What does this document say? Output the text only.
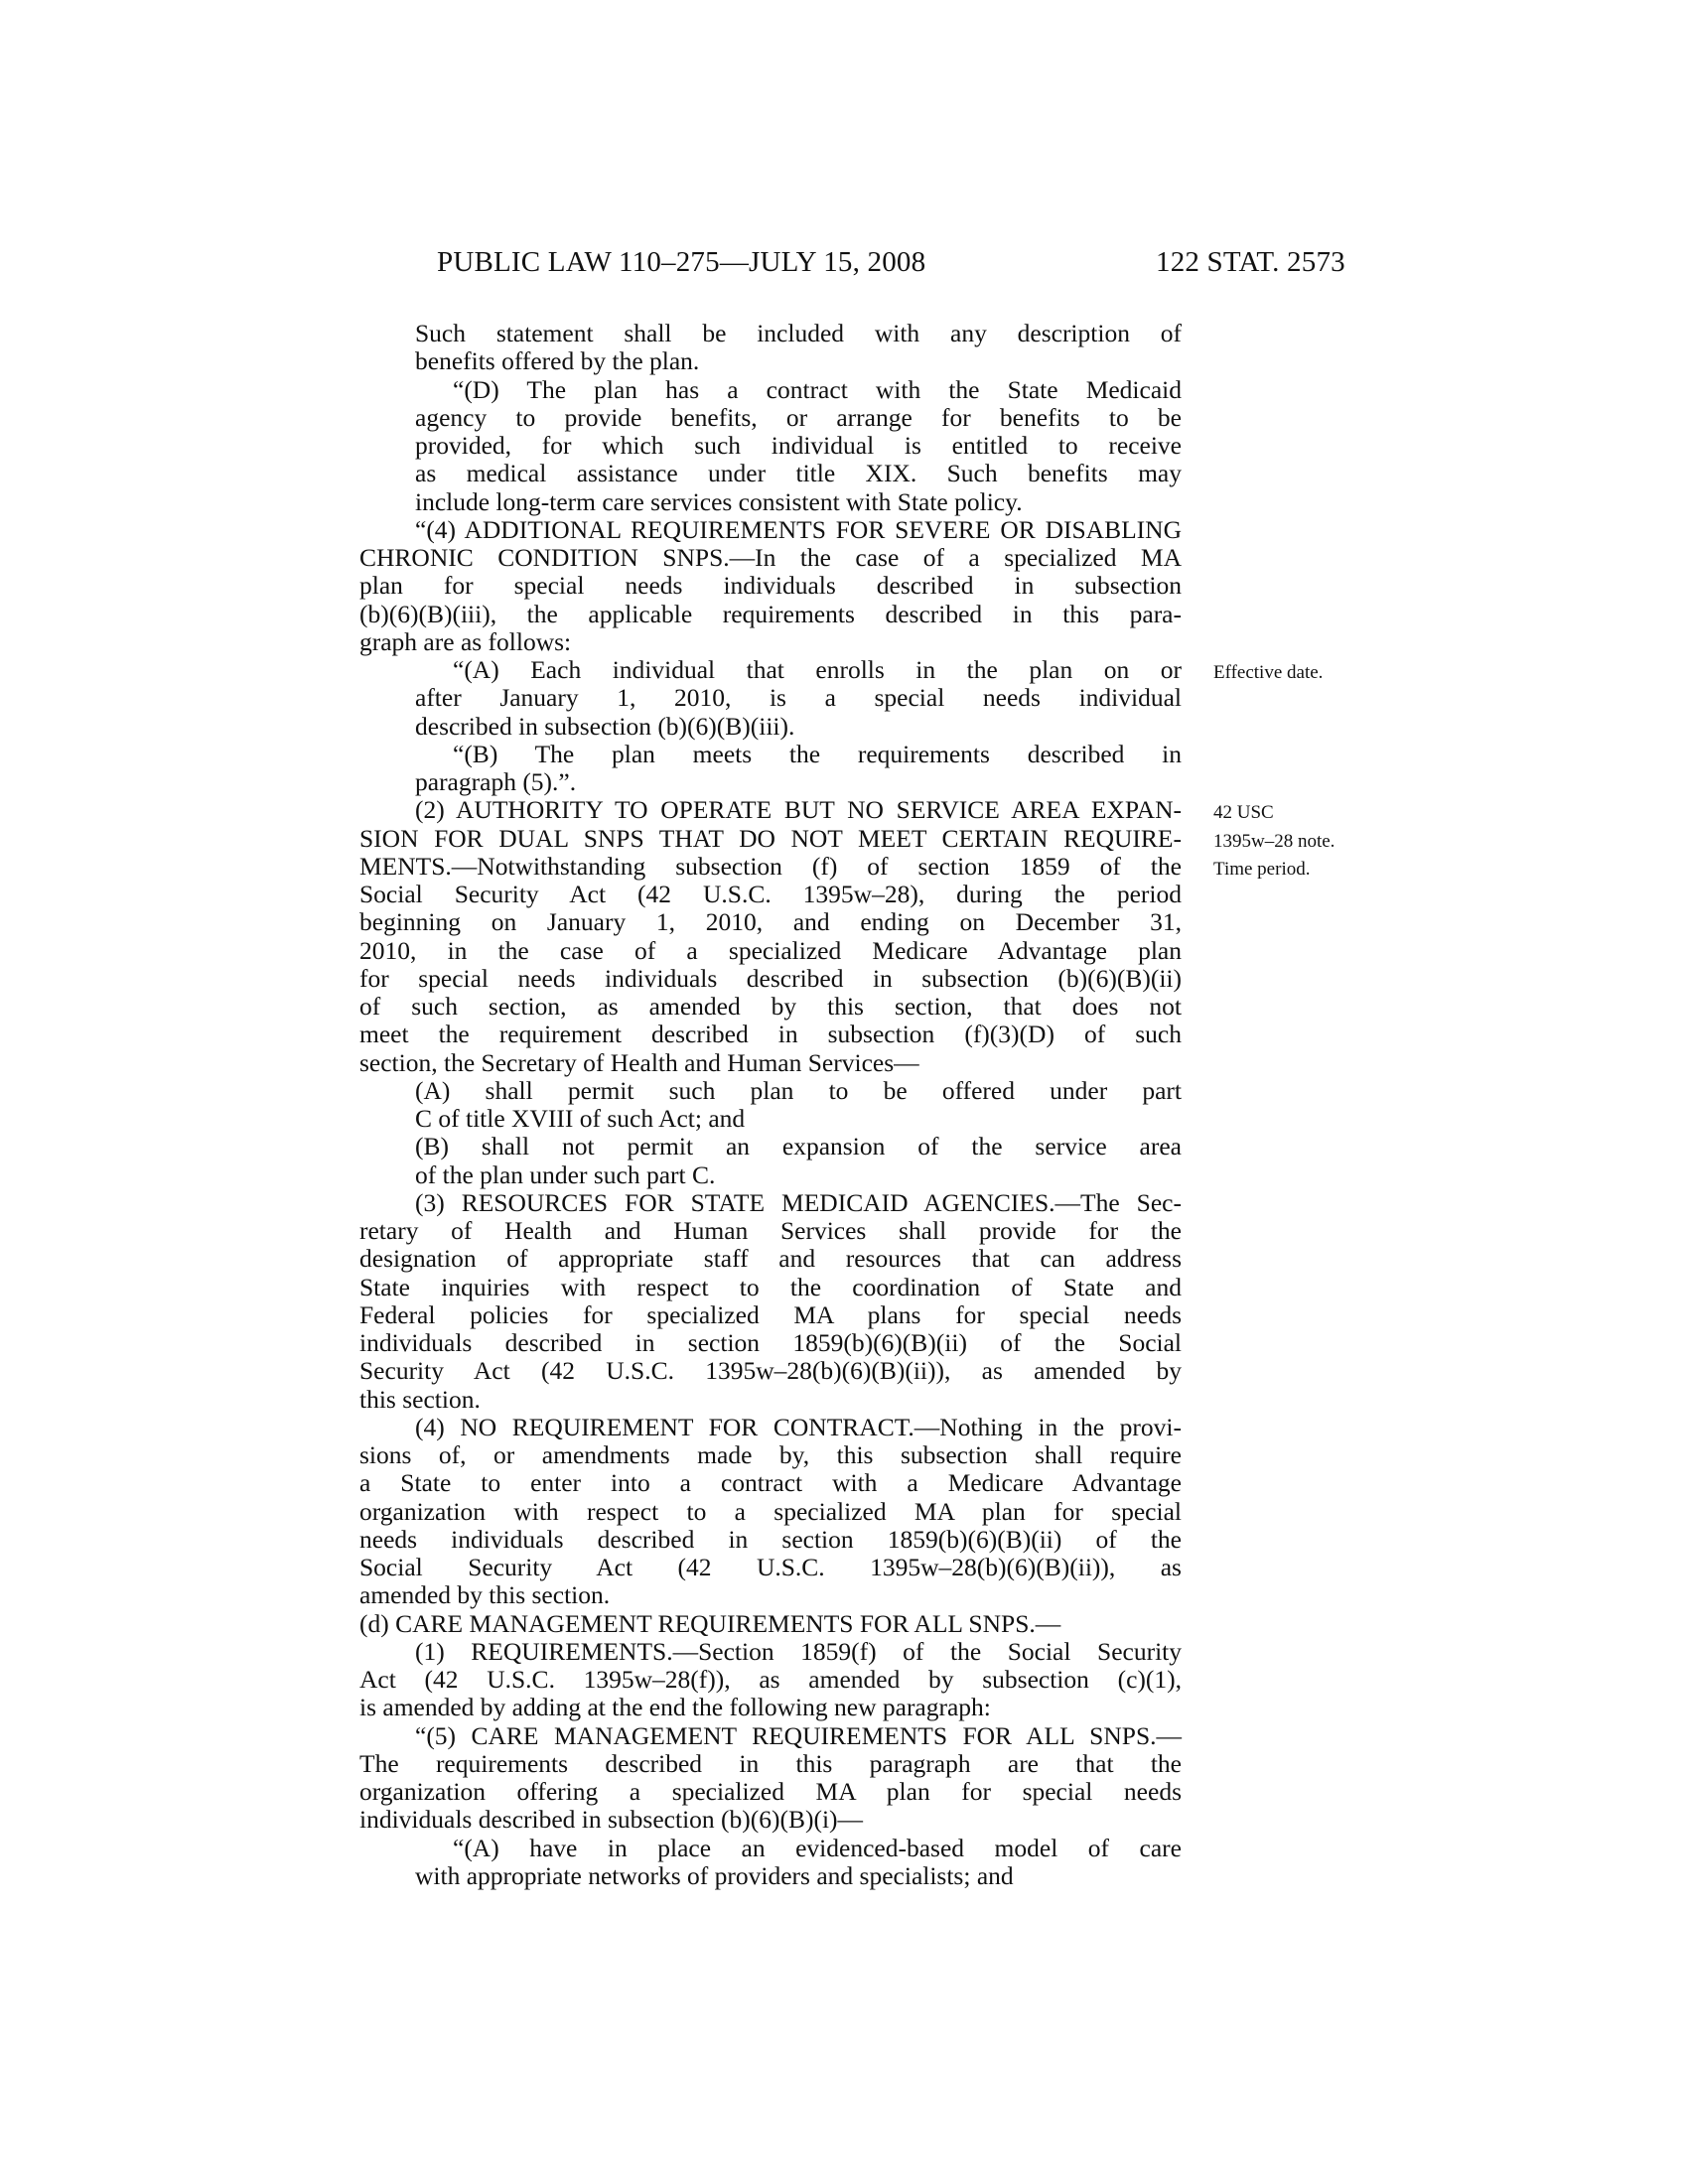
PUBLIC LAW 110–275—JULY 15, 2008	122 STAT. 2573
Such statement shall be included with any description of
benefits offered by the plan.
“(D) The plan has a contract with the State Medicaid
agency to provide benefits, or arrange for benefits to be
provided, for which such individual is entitled to receive
as medical assistance under title XIX. Such benefits may
include long-term care services consistent with State policy.
“(4) ADDITIONAL REQUIREMENTS FOR SEVERE OR DISABLING
CHRONIC CONDITION SNPS.—In the case of a specialized MA
plan for special needs individuals described in subsection
(b)(6)(B)(iii), the applicable requirements described in this para-
graph are as follows:
“(A) Each individual that enrolls in the plan on or
after January 1, 2010, is a special needs individual
described in subsection (b)(6)(B)(iii).
“(B) The plan meets the requirements described in
paragraph (5).”.
(2) AUTHORITY TO OPERATE BUT NO SERVICE AREA EXPAN-
SION FOR DUAL SNPS THAT DO NOT MEET CERTAIN REQUIRE-
MENTS.—Notwithstanding subsection (f) of section 1859 of the
Social Security Act (42 U.S.C. 1395w–28), during the period
beginning on January 1, 2010, and ending on December 31,
2010, in the case of a specialized Medicare Advantage plan
for special needs individuals described in subsection (b)(6)(B)(ii)
of such section, as amended by this section, that does not
meet the requirement described in subsection (f)(3)(D) of such
section, the Secretary of Health and Human Services—
(A) shall permit such plan to be offered under part
C of title XVIII of such Act; and
(B) shall not permit an expansion of the service area
of the plan under such part C.
(3) RESOURCES FOR STATE MEDICAID AGENCIES.—The Sec-
retary of Health and Human Services shall provide for the
designation of appropriate staff and resources that can address
State inquiries with respect to the coordination of State and
Federal policies for specialized MA plans for special needs
individuals described in section 1859(b)(6)(B)(ii) of the Social
Security Act (42 U.S.C. 1395w–28(b)(6)(B)(ii)), as amended by
this section.
(4) NO REQUIREMENT FOR CONTRACT.—Nothing in the provi-
sions of, or amendments made by, this subsection shall require
a State to enter into a contract with a Medicare Advantage
organization with respect to a specialized MA plan for special
needs individuals described in section 1859(b)(6)(B)(ii) of the
Social Security Act (42 U.S.C. 1395w–28(b)(6)(B)(ii)), as
amended by this section.
(d) CARE MANAGEMENT REQUIREMENTS FOR ALL SNPS.—
(1) REQUIREMENTS.—Section 1859(f) of the Social Security
Act (42 U.S.C. 1395w–28(f)), as amended by subsection (c)(1),
is amended by adding at the end the following new paragraph:
“(5) CARE MANAGEMENT REQUIREMENTS FOR ALL SNPS.—
The requirements described in this paragraph are that the
organization offering a specialized MA plan for special needs
individuals described in subsection (b)(6)(B)(i)—
“(A) have in place an evidenced-based model of care
with appropriate networks of providers and specialists; and
Effective date.
42 USC
1395w–28 note.
Time period.
